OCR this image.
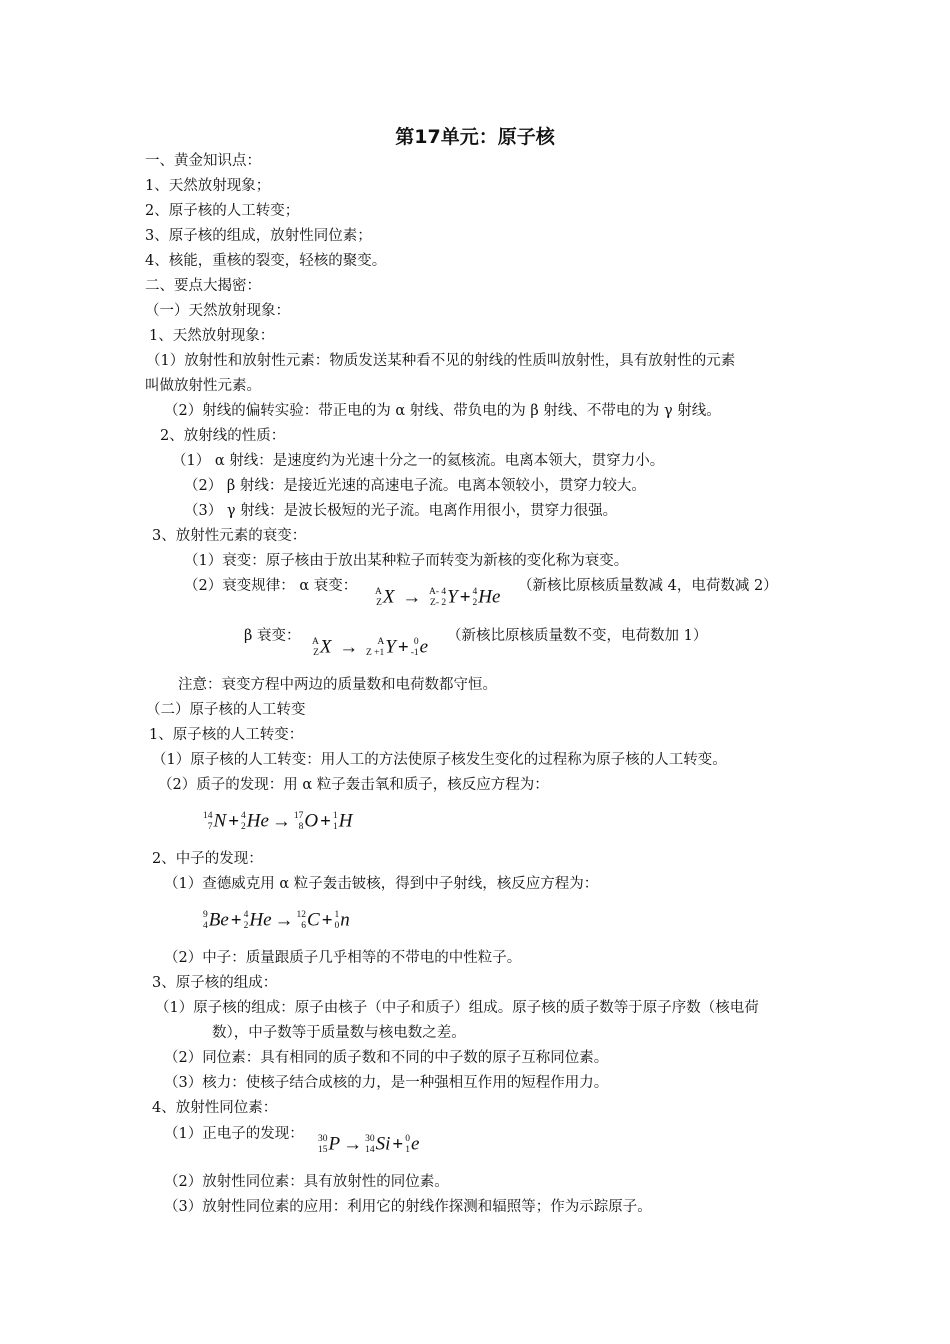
第17单元：原子核
一、黄金知识点：
1、天然放射现象；
2、原子核的人工转变；
3、原子核的组成，放射性同位素；
4、核能，重核的裂变，轻核的聚变。
二、要点大揭密：
（一）天然放射现象：
1、天然放射现象：
（1）放射性和放射性元素：物质发送某种看不见的射线的性质叫放射性，具有放射性的元素
叫做放射性元素。
（2）射线的偏转实验：带正电的为 α 射线、带负电的为 β 射线、不带电的为 γ 射线。
2、放射线的性质：
（1） α 射线：是速度约为光速十分之一的氦核流。电离本领大，贯穿力小。
（2） β 射线：是接近光速的高速电子流。电离本领较小，贯穿力较大。
（3） γ 射线：是波长极短的光子流。电离作用很小，贯穿力很强。
3、放射性元素的衰变：
（1）衰变：原子核由于放出某种粒子而转变为新核的变化称为衰变。
（2）衰变规律： α 衰变： A
Z X → A- 4
Z- 2 Y + 4
2 He
（新核比原核质量数减 4，电荷数减 2）
β 衰变： A
Z X →	A
Z +1 Y + 0
-1 e
（新核比原核质量数不变，电荷数加 1）
注意：衰变方程中两边的质量数和电荷数都守恒。
（二）原子核的人工转变
1、原子核的人工转变：
（1）原子核的人工转变：用人工的方法使原子核发生变化的过程称为原子核的人工转变。
（2）质子的发现：用 α 粒子轰击氧和质子，核反应方程为：
14
7 N + 4
2 He → 17
8 O + 1
1 H
2、中子的发现：
（1）查德威克用 α 粒子轰击铍核，得到中子射线，核反应方程为：
9
4 Be + 4
2 He → 12
6 C + 1
0 n
（2）中子：质量跟质子几乎相等的不带电的中性粒子。
3、原子核的组成：
（1）原子核的组成：原子由核子（中子和质子）组成。原子核的质子数等于原子序数（核电荷
数），中子数等于质量数与核电数之差。
（2）同位素：具有相同的质子数和不同的中子数的原子互称同位素。
（3）核力：使核子结合成核的力，是一种强相互作用的短程作用力。
4、放射性同位素：
（1）正电子的发现： 30
15 P → 30
14 Si + 0
1 e
（2）放射性同位素：具有放射性的同位素。
（3）放射性同位素的应用：利用它的射线作探测和辐照等；作为示踪原子。
